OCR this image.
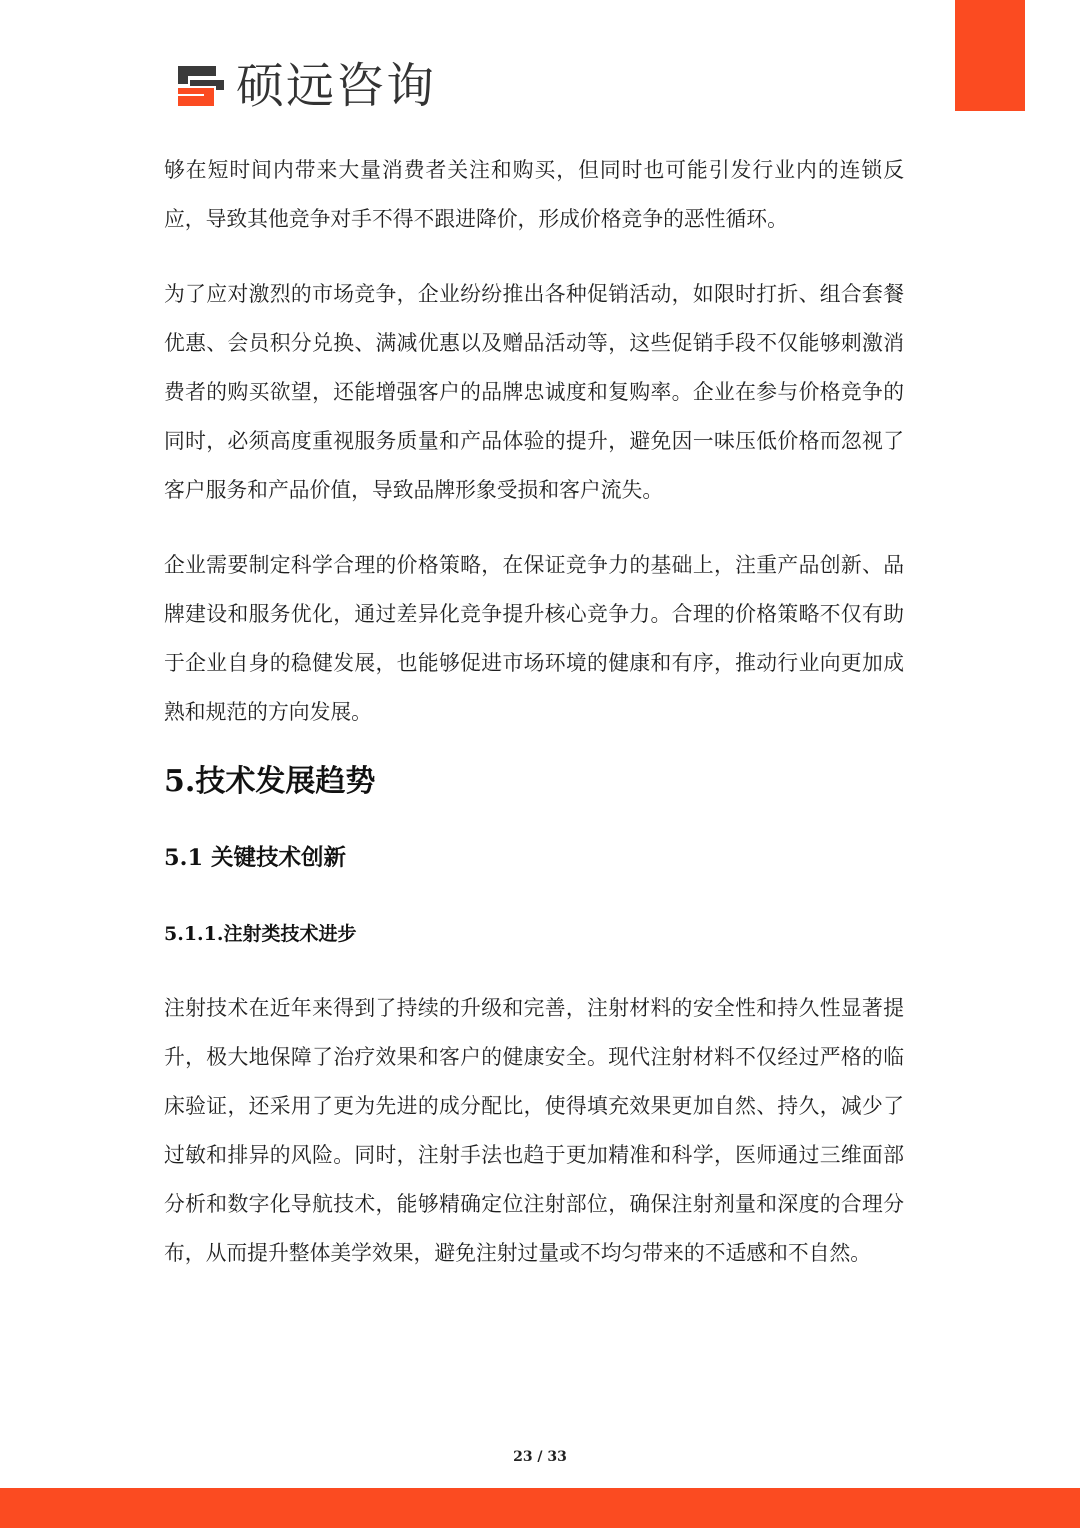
硕远咨询

够在短时间内带来大量消费者关注和购买，但同时也可能引发行业内的连锁反应，导致其他竞争对手不得不跟进降价，形成价格竞争的恶性循环。

为了应对激烈的市场竞争，企业纷纷推出各种促销活动，如限时打折、组合套餐优惠、会员积分兑换、满减优惠以及赠品活动等，这些促销手段不仅能够刺激消费者的购买欲望，还能增强客户的品牌忠诚度和复购率。企业在参与价格竞争的同时，必须高度重视服务质量和产品体验的提升，避免因一味压低价格而忽视了客户服务和产品价值，导致品牌形象受损和客户流失。

企业需要制定科学合理的价格策略，在保证竞争力的基础上，注重产品创新、品牌建设和服务优化，通过差异化竞争提升核心竞争力。合理的价格策略不仅有助于企业自身的稳健发展，也能够促进市场环境的健康和有序，推动行业向更加成熟和规范的方向发展。

5.技术发展趋势
5.1 关键技术创新
5.1.1.注射类技术进步

注射技术在近年来得到了持续的升级和完善，注射材料的安全性和持久性显著提升，极大地保障了治疗效果和客户的健康安全。现代注射材料不仅经过严格的临床验证，还采用了更为先进的成分配比，使得填充效果更加自然、持久，减少了过敏和排异的风险。同时，注射手法也趋于更加精准和科学，医师通过三维面部分析和数字化导航技术，能够精确定位注射部位，确保注射剂量和深度的合理分布，从而提升整体美学效果，避免注射过量或不均匀带来的不适感和不自然。

23 / 33
